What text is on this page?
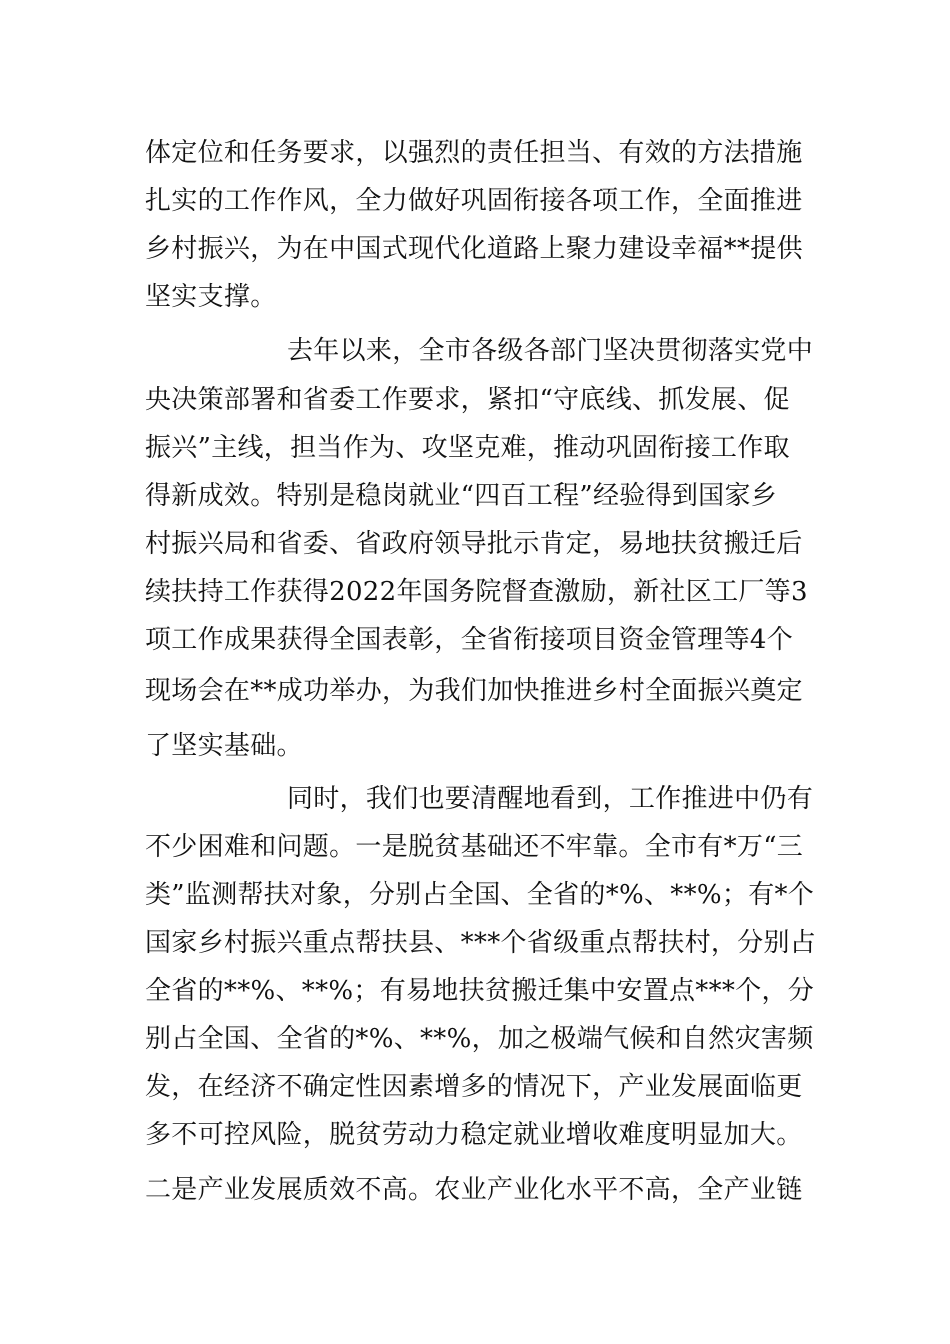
体定位和任务要求，以强烈的责任担当、有效的方法措施

扎实的工作作风，全力做好巩固衔接各项工作，全面推进

乡村振兴，为在中国式现代化道路上聚力建设幸福**提供

坚实支撑。

去年以来，全市各级各部门坚决贯彻落实党中

央决策部署和省委工作要求，紧扣“守底线、抓发展、促

振兴”主线，担当作为、攻坚克难，推动巩固衔接工作取

得新成效。特别是稳岗就业“四百工程”经验得到国家乡

村振兴局和省委、省政府领导批示肯定，易地扶贫搬迁后

续扶持工作获得2022年国务院督查激励，新社区工厂等3

项工作成果获得全国表彰，全省衔接项目资金管理等4个

现场会在**成功举办，为我们加快推进乡村全面振兴奠定

了坚实基础。

同时，我们也要清醒地看到，工作推进中仍有

不少困难和问题。一是脱贫基础还不牢靠。全市有*万“三

类”监测帮扶对象，分别占全国、全省的*%、**%；有*个

国家乡村振兴重点帮扶县、***个省级重点帮扶村，分别占

全省的**%、**%；有易地扶贫搬迁集中安置点***个，分

别占全国、全省的*%、**%，加之极端气候和自然灾害频

发，在经济不确定性因素增多的情况下，产业发展面临更

多不可控风险，脱贫劳动力稳定就业增收难度明显加大。

二是产业发展质效不高。农业产业化水平不高，全产业链
